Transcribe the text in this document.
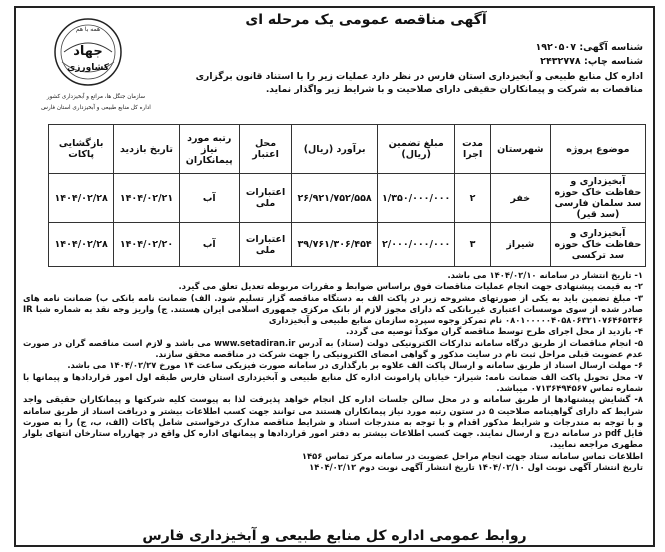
آگهی مناقصه عمومی یک مرحله ای
همه با هم
جهاد
کشاورزی
سازمان جنگل ها، مراتع و آبخیزداری کشور
اداره کل منابع طبیعی و آبخیزداری استان فارس
شناسه آگهی: ۱۹۲۰۵۰۷
شناسه چاپ: ۲۴۳۲۷۷۸
اداره کل منابع طبیعی و آبخیزداری استان فارس در نظر دارد عملیات زیر را با استناد قانون برگزاری مناقصات به شرکت و پیمانکاران حقیقی دارای صلاحیت و با شرایط زیر واگذار نماید.
موضوع پروژه	شهرستان	مدت اجرا	مبلغ تضمین (ریال)	برآورد (ریال)	محل اعتبار	رتبه مورد نیاز پیمانکاران	تاریخ بازدید	بازگشایی پاکات
آبخیزداری و حفاظت خاک حوزه سد سلمان فارسی (سد قیر)	خفر	۲	۱/۳۵۰/۰۰۰/۰۰۰	۲۶/۹۲۱/۷۵۲/۵۵۸	اعتبارات ملی	آب	۱۴۰۴/۰۲/۲۱	۱۴۰۴/۰۲/۲۸
آبخیزداری و حفاظت خاک حوزه سد ترکسی	شیراز	۳	۲/۰۰۰/۰۰۰/۰۰۰	۳۹/۷۶۱/۳۰۶/۴۵۴	اعتبارات ملی	آب	۱۴۰۴/۰۲/۲۰	۱۴۰۴/۰۲/۲۸

۱- تاریخ انتشار در سامانه ۱۴۰۴/۰۲/۱۰ می باشد.

۲- به قیمت پیشنهادی جهت انجام عملیات مناقصات فوق براساس ضوابط و مقررات مربوطه تعدیل تعلق می گیرد.

۳- مبلغ تضمین باید به یکی از صورتهای مشروحه زیر در پاکت الف به دستگاه مناقصه گزار تسلیم شود. الف) ضمانت نامه بانکی ب) ضمانت نامه های صادر شده از سوی موسسات اعتباری غیربانکی که دارای مجوز لازم از بانک مرکزی جمهوری اسلامی ایران هستند. ج) واریز وجه نقد به شماره شبا IR ۰۸۰۱۰۰۰۰۰۴۰۵۸۰۶۳۲۱۰۷۶۴۶۵۲۴۶ نام تمرکز وجوه سپرده سازمان منابع طبیعی و آبخیزداری

۴- بازدید از محل اجرای طرح توسط مناقصه گران موکداً توصیه می گردد.

۵- انجام مناقصات از طریق درگاه سامانه تدارکات الکترونیکی دولت (ستاد) به آدرس www.setadiran.ir می باشد و لازم است مناقصه گران در صورت عدم عضویت قبلی مراحل ثبت نام در سایت مذکور و گواهی امضای الکترونیکی را جهت شرکت در مناقصه محقق سازند.

۶- مهلت ارسال اسناد از طریق سامانه و ارسال پاکت الف علاوه بر بارگذاری در سامانه صورت فیزیکی ساعت ۱۴ مورخ ۱۴۰۴/۰۲/۲۷ می باشد.

۷- محل تحویل پاکت الف ضمانت نامه: شیراز- خیابان پارامونت اداره کل منابع طبیعی و آبخیزداری استان فارس طبقه اول امور قراردادها و پیمانها با شماره تماس ۰۷۱۳۶۴۹۴۵۶۷ میباشد.

۸- گشایش پیشنهادها از طریق سامانه و در محل سالن جلسات اداره کل انجام خواهد پذیرفت لذا به پیوست کلیه شرکتها و پیمانکاران حقیقی واجد شرایط که دارای گواهینامه صلاحیت ۵ در ستون رتبه مورد نیاز پیمانکاران هستند می توانند جهت کسب اطلاعات بیشتر و دریافت اسناد از طریق سامانه و با توجه به مندرجات و شرایط مذکور اقدام و با توجه به مندرجات اسناد و شرایط مناقصه مدارک درخواستی شامل پاکات (الف، ب، ج) را به صورت فایل pdf در سامانه درج و ارسال نمایند. جهت کسب اطلاعات بیشتر به دفتر امور قراردادها و پیمانهای اداره کل واقع در چهارراه ستارخان انتهای بلوار مطهری مراجعه نمایید.

اطلاعات تماس سامانه ستاد جهت انجام مراحل عضویت در سامانه مرکز تماس ۱۴۵۶

تاریخ انتشار آگهی نوبت اول ۱۴۰۴/۰۲/۱۰ تاریخ انتشار آگهی نوبت دوم ۱۴۰۴/۰۲/۱۲

روابط عمومی اداره کل منابع طبیعی و آبخیزداری فارس
